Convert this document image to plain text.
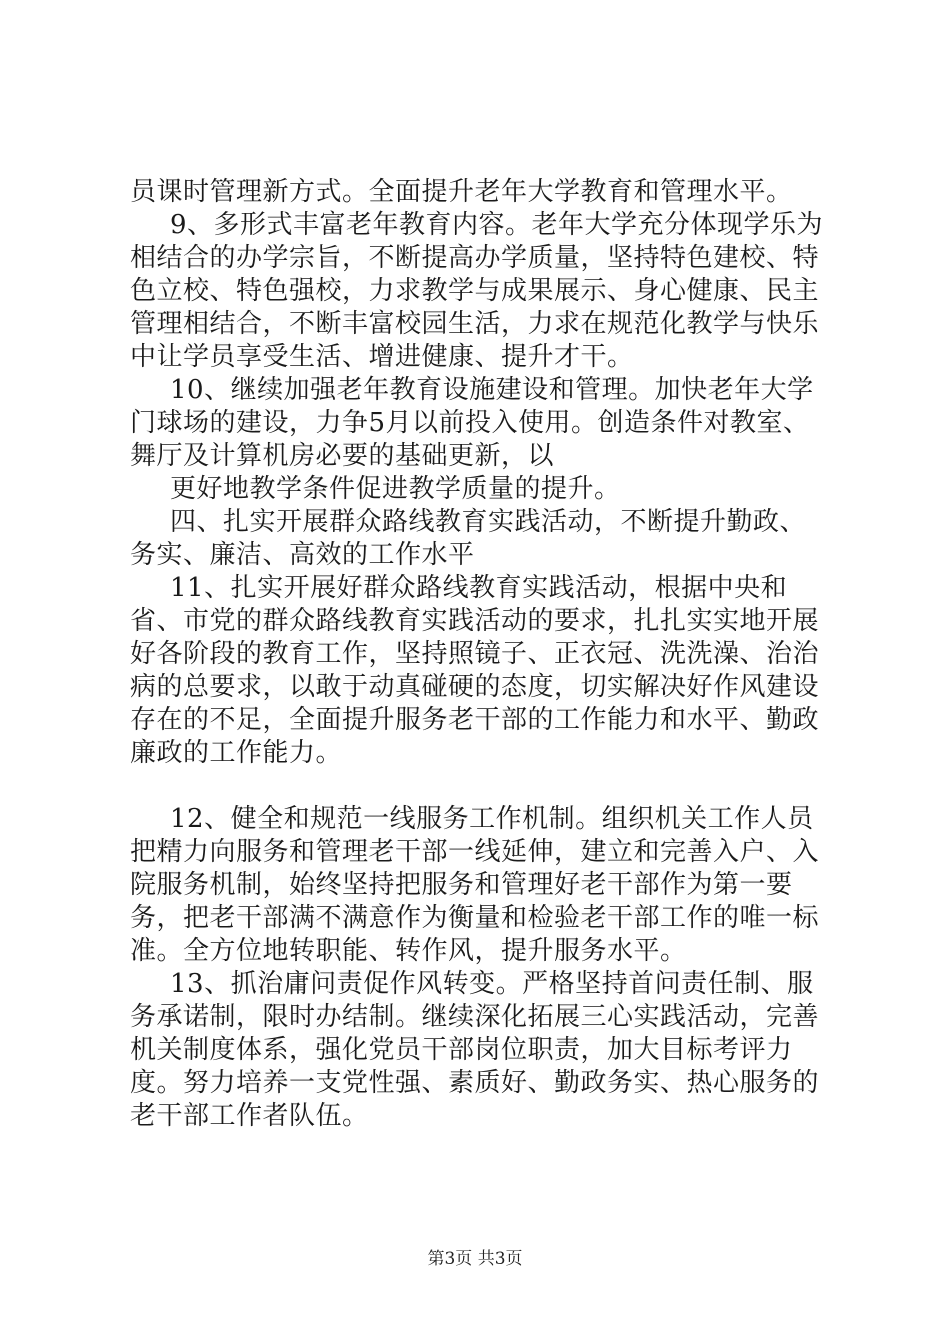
员课时管理新方式。全面提升老年大学教育和管理水平。

9、多形式丰富老年教育内容。老年大学充分体现学乐为相结合的办学宗旨，不断提高办学质量，坚持特色建校、特色立校、特色强校，力求教学与成果展示、身心健康、民主管理相结合，不断丰富校园生活，力求在规范化教学与快乐中让学员享受生活、增进健康、提升才干。

10、继续加强老年教育设施建设和管理。加快老年大学门球场的建设，力争5月以前投入使用。创造条件对教室、舞厅及计算机房必要的基础更新，以

更好地教学条件促进教学质量的提升。

四、扎实开展群众路线教育实践活动，不断提升勤政、务实、廉洁、高效的工作水平

11、扎实开展好群众路线教育实践活动，根据中央和省、市党的群众路线教育实践活动的要求，扎扎实实地开展好各阶段的教育工作，坚持照镜子、正衣冠、洗洗澡、治治病的总要求，以敢于动真碰硬的态度，切实解决好作风建设存在的不足，全面提升服务老干部的工作能力和水平、勤政廉政的工作能力。

12、健全和规范一线服务工作机制。组织机关工作人员把精力向服务和管理老干部一线延伸，建立和完善入户、入院服务机制，始终坚持把服务和管理好老干部作为第一要务，把老干部满不满意作为衡量和检验老干部工作的唯一标准。全方位地转职能、转作风，提升服务水平。

13、抓治庸问责促作风转变。严格坚持首问责任制、服务承诺制，限时办结制。继续深化拓展三心实践活动，完善机关制度体系，强化党员干部岗位职责，加大目标考评力度。努力培养一支党性强、素质好、勤政务实、热心服务的老干部工作者队伍。

第3页 共3页
